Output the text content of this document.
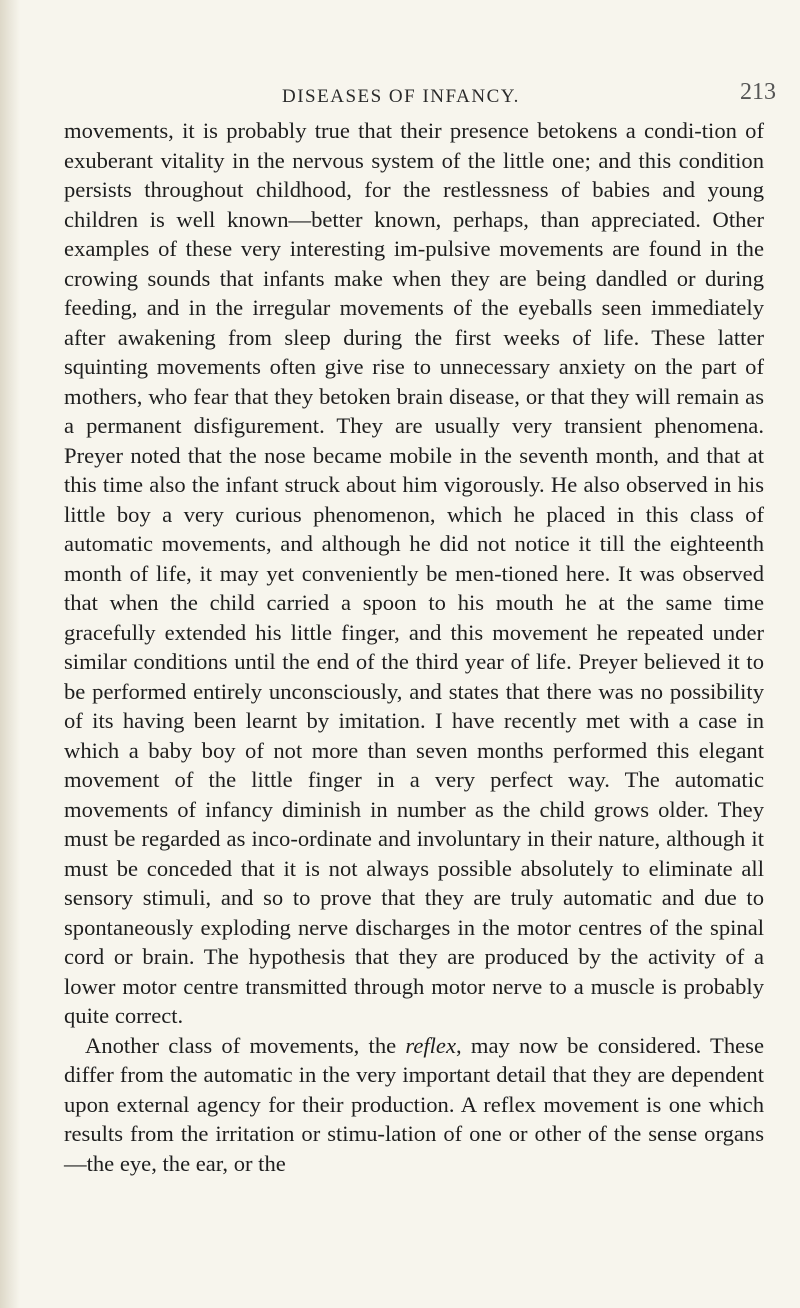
DISEASES OF INFANCY.	213

movements, it is probably true that their presence betokens a condi-tion of exuberant vitality in the nervous system of the little one; and this condition persists throughout childhood, for the restlessness of babies and young children is well known—better known, perhaps, than appreciated. Other examples of these very interesting im-pulsive movements are found in the crowing sounds that infants make when they are being dandled or during feeding, and in the irregular movements of the eyeballs seen immediately after awakening from sleep during the first weeks of life. These latter squinting movements often give rise to unnecessary anxiety on the part of mothers, who fear that they betoken brain disease, or that they will remain as a permanent disfigurement. They are usually very transient phenomena. Preyer noted that the nose became mobile in the seventh month, and that at this time also the infant struck about him vigorously. He also observed in his little boy a very curious phenomenon, which he placed in this class of automatic movements, and although he did not notice it till the eighteenth month of life, it may yet conveniently be men-tioned here. It was observed that when the child carried a spoon to his mouth he at the same time gracefully extended his little finger, and this movement he repeated under similar conditions until the end of the third year of life. Preyer believed it to be performed entirely unconsciously, and states that there was no possibility of its having been learnt by imitation. I have recently met with a case in which a baby boy of not more than seven months performed this elegant movement of the little finger in a very perfect way. The automatic movements of infancy diminish in number as the child grows older. They must be regarded as inco-ordinate and involuntary in their nature, although it must be conceded that it is not always possible absolutely to eliminate all sensory stimuli, and so to prove that they are truly automatic and due to spontaneously exploding nerve discharges in the motor centres of the spinal cord or brain. The hypothesis that they are produced by the activity of a lower motor centre transmitted through motor nerve to a muscle is probably quite correct.

Another class of movements, the reflex, may now be considered. These differ from the automatic in the very important detail that they are dependent upon external agency for their production. A reflex movement is one which results from the irritation or stimu-lation of one or other of the sense organs—the eye, the ear, or the
